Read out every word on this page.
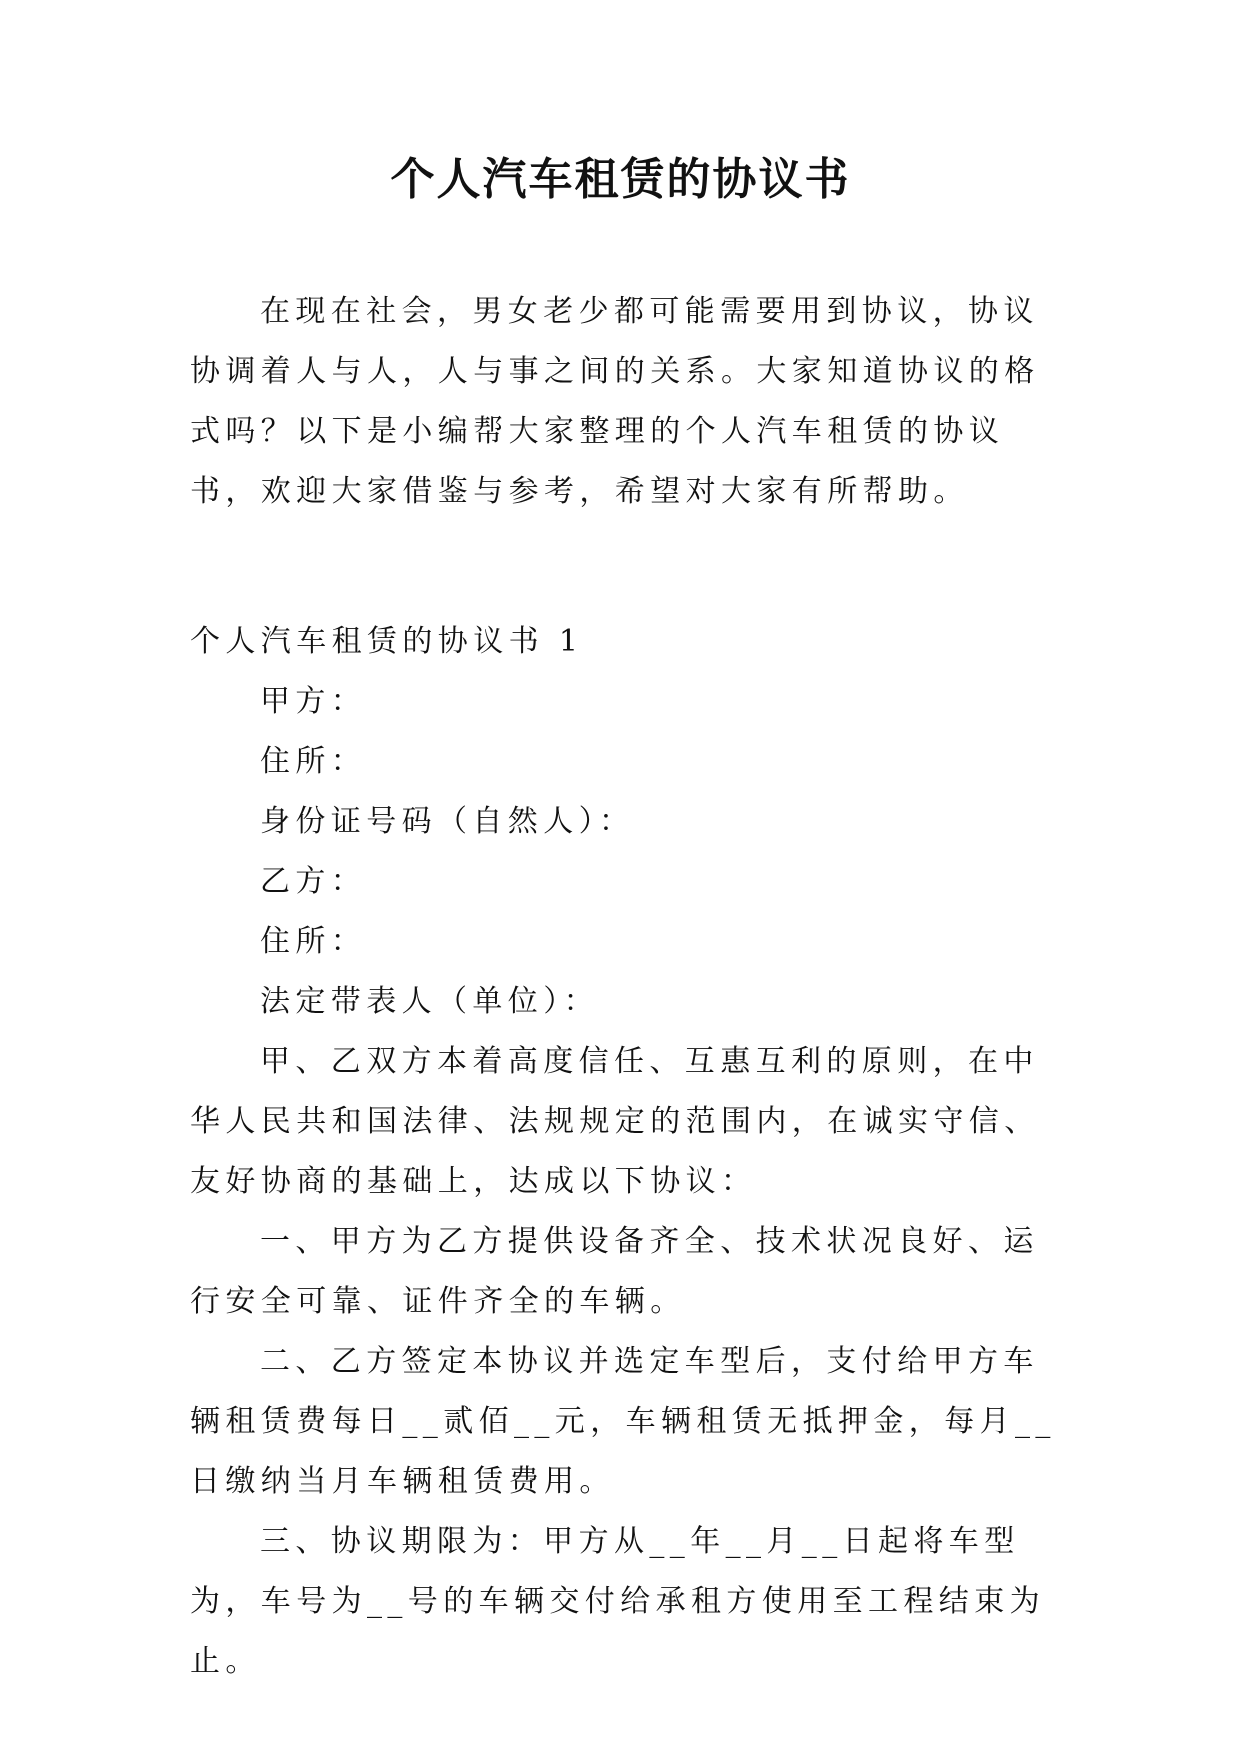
个人汽车租赁的协议书

在现在社会，男女老少都可能需要用到协议，协议协调着人与人，人与事之间的关系。大家知道协议的格式吗？以下是小编帮大家整理的个人汽车租赁的协议书，欢迎大家借鉴与参考，希望对大家有所帮助。

个人汽车租赁的协议书 1

甲方：

住所：

身份证号码（自然人）：

乙方：

住所：

法定带表人（单位）：

甲、乙双方本着高度信任、互惠互利的原则，在中华人民共和国法律、法规规定的范围内，在诚实守信、友好协商的基础上，达成以下协议：

一、甲方为乙方提供设备齐全、技术状况良好、运行安全可靠、证件齐全的车辆。

二、乙方签定本协议并选定车型后，支付给甲方车辆租赁费每日__贰佰__元，车辆租赁无抵押金，每月__日缴纳当月车辆租赁费用。

三、协议期限为：甲方从__年__月__日起将车型为，车号为__号的车辆交付给承租方使用至工程结束为止。
